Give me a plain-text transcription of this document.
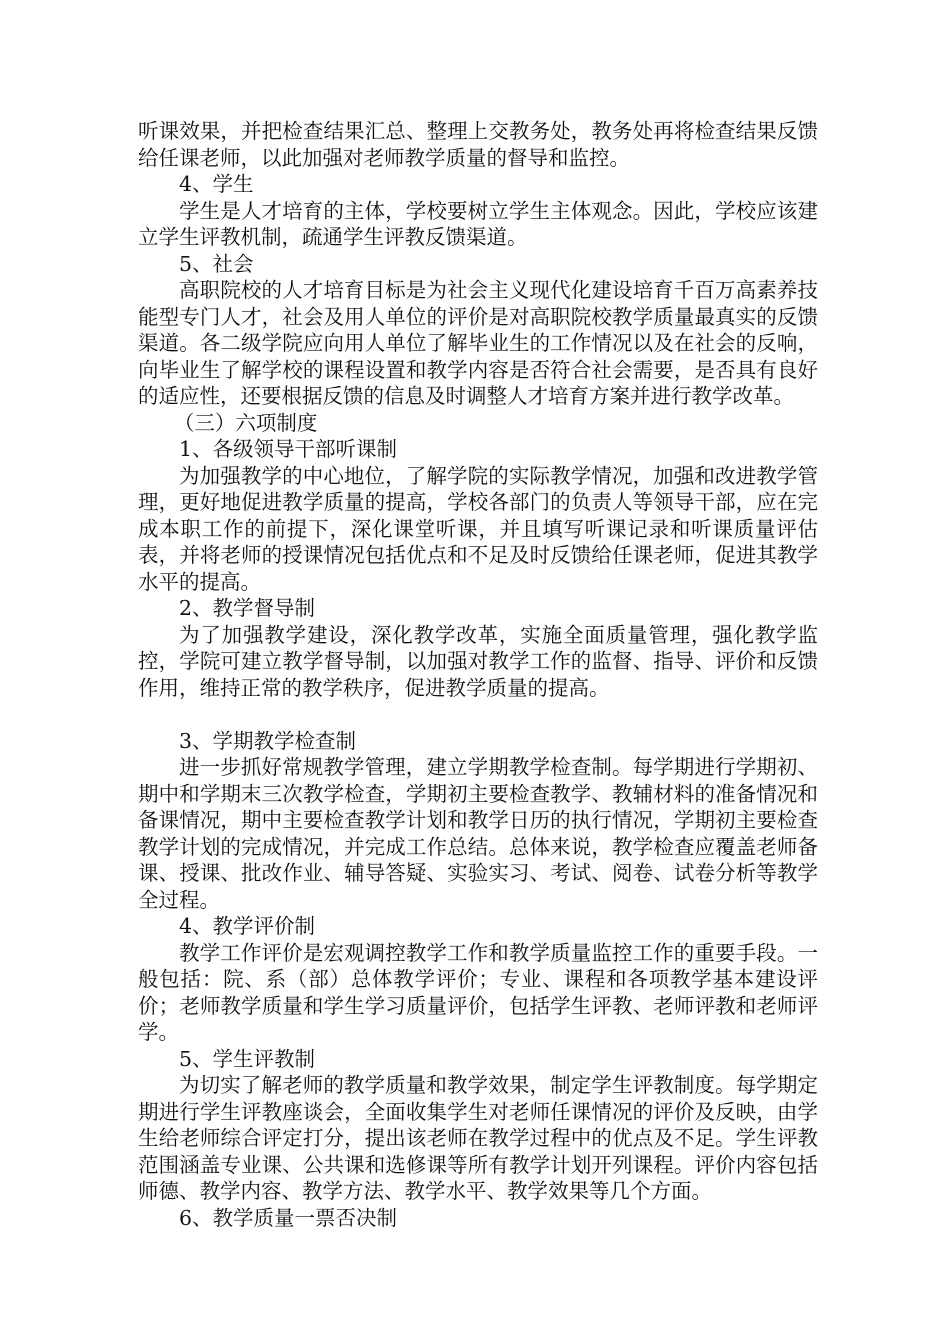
听课效果，并把检查结果汇总、整理上交教务处，教务处再将检查结果反馈给任课老师，以此加强对老师教学质量的督导和监控。

4、学生

学生是人才培育的主体，学校要树立学生主体观念。因此，学校应该建立学生评教机制，疏通学生评教反馈渠道。

5、社会

高职院校的人才培育目标是为社会主义现代化建设培育千百万高素养技能型专门人才，社会及用人单位的评价是对高职院校教学质量最真实的反馈渠道。各二级学院应向用人单位了解毕业生的工作情况以及在社会的反响，向毕业生了解学校的课程设置和教学内容是否符合社会需要，是否具有良好的适应性，还要根据反馈的信息及时调整人才培育方案并进行教学改革。

（三）六项制度

1、各级领导干部听课制

为加强教学的中心地位，了解学院的实际教学情况，加强和改进教学管理，更好地促进教学质量的提高，学校各部门的负责人等领导干部，应在完成本职工作的前提下，深化课堂听课，并且填写听课记录和听课质量评估表，并将老师的授课情况包括优点和不足及时反馈给任课老师，促进其教学水平的提高。

2、教学督导制

为了加强教学建设，深化教学改革，实施全面质量管理，强化教学监控，学院可建立教学督导制，以加强对教学工作的监督、指导、评价和反馈作用，维持正常的教学秩序，促进教学质量的提高。

3、学期教学检查制

进一步抓好常规教学管理，建立学期教学检查制。每学期进行学期初、期中和学期末三次教学检查，学期初主要检查教学、教辅材料的准备情况和备课情况，期中主要检查教学计划和教学日历的执行情况，学期初主要检查教学计划的完成情况，并完成工作总结。总体来说，教学检查应覆盖老师备课、授课、批改作业、辅导答疑、实验实习、考试、阅卷、试卷分析等教学全过程。

4、教学评价制

教学工作评价是宏观调控教学工作和教学质量监控工作的重要手段。一般包括：院、系（部）总体教学评价；专业、课程和各项教学基本建设评价；老师教学质量和学生学习质量评价，包括学生评教、老师评教和老师评学。

5、学生评教制

为切实了解老师的教学质量和教学效果，制定学生评教制度。每学期定期进行学生评教座谈会，全面收集学生对老师任课情况的评价及反映，由学生给老师综合评定打分，提出该老师在教学过程中的优点及不足。学生评教范围涵盖专业课、公共课和选修课等所有教学计划开列课程。评价内容包括师德、教学内容、教学方法、教学水平、教学效果等几个方面。

6、教学质量一票否决制
